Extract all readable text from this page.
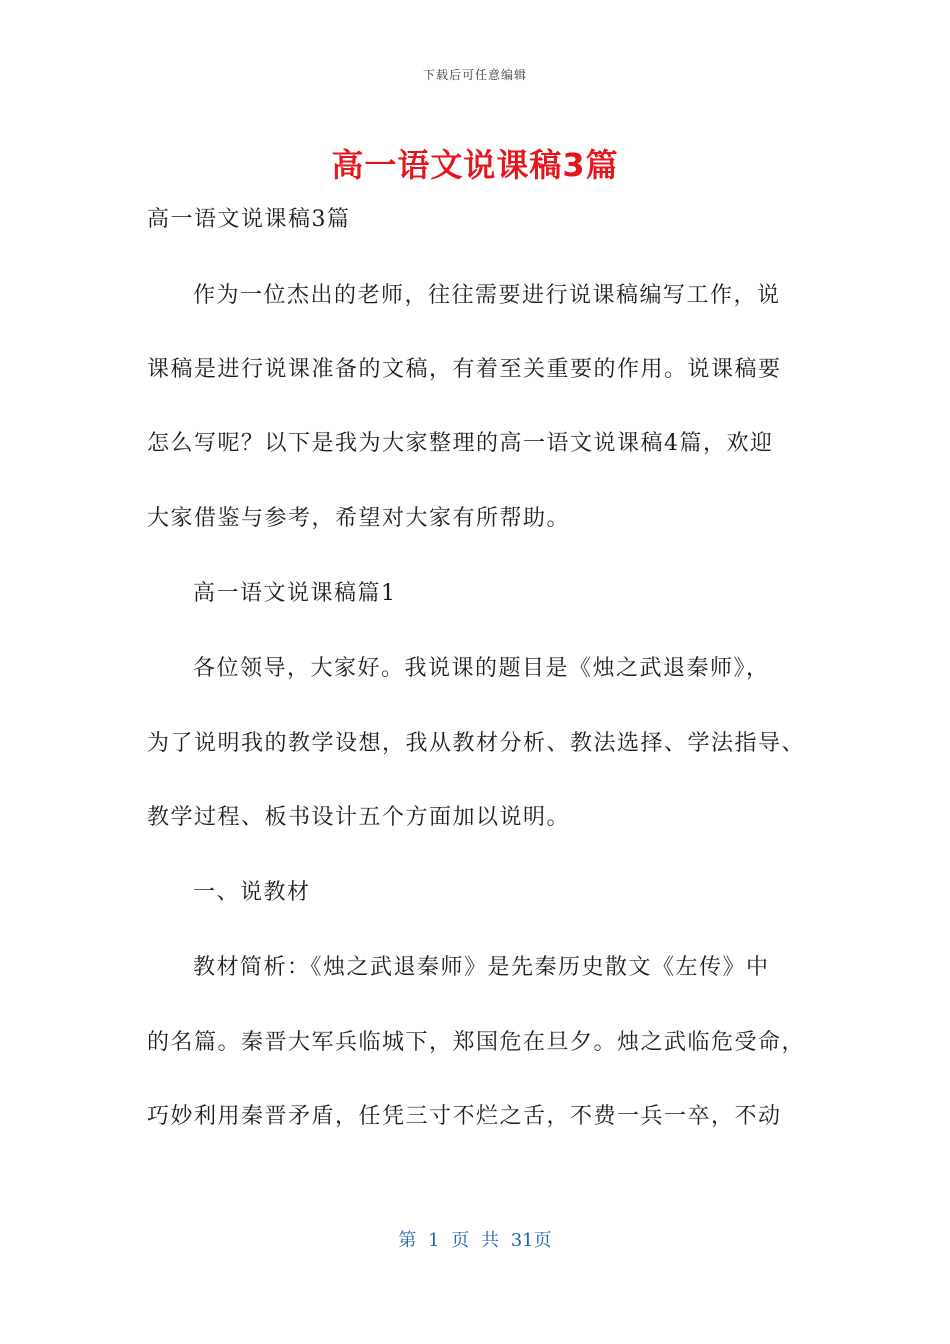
下载后可任意编辑
高一语文说课稿3篇
高一语文说课稿3篇
作为一位杰出的老师，往往需要进行说课稿编写工作，说
课稿是进行说课准备的文稿，有着至关重要的作用。说课稿要
怎么写呢？以下是我为大家整理的高一语文说课稿4篇，欢迎
大家借鉴与参考，希望对大家有所帮助。
高一语文说课稿篇1
各位领导，大家好。我说课的题目是《烛之武退秦师》，
为了说明我的教学设想，我从教材分析、教法选择、学法指导、
教学过程、板书设计五个方面加以说明。
一、说教材
教材简析：《烛之武退秦师》是先秦历史散文《左传》中
的名篇。秦晋大军兵临城下，郑国危在旦夕。烛之武临危受命，
巧妙利用秦晋矛盾，任凭三寸不烂之舌，不费一兵一卒，不动
第 1 页 共 31页
